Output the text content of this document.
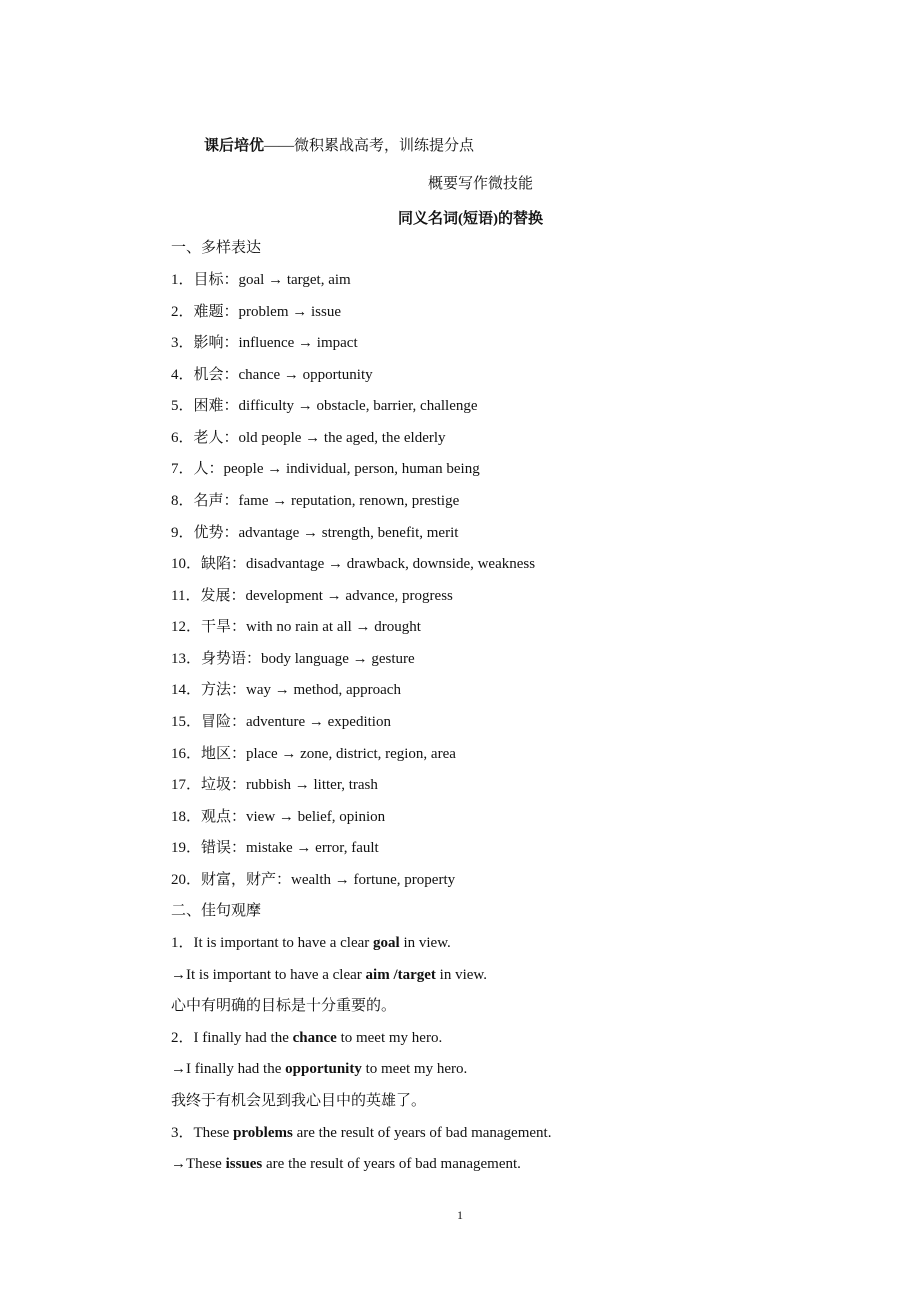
课后培优——微积累战高考，训练提分点
概要写作微技能
同义名词(短语)的替换
一、多样表达
1．目标：goal → target, aim
2．难题：problem → issue
3．影响：influence → impact
4．机会：chance → opportunity
5．困难：difficulty → obstacle, barrier, challenge
6．老人：old people → the aged, the elderly
7．人：people → individual, person, human being
8．名声：fame → reputation, renown, prestige
9．优势：advantage → strength, benefit, merit
10．缺陷：disadvantage → drawback, downside, weakness
11．发展：development → advance, progress
12．干旱：with no rain at all → drought
13．身势语：body language → gesture
14．方法：way → method, approach
15．冒险：adventure → expedition
16．地区：place → zone, district, region, area
17．垃圾：rubbish → litter, trash
18．观点：view → belief, opinion
19．错误：mistake → error, fault
20．财富，财产：wealth → fortune, property
二、佳句观摩
1．It is important to have a clear goal in view.
→It is important to have a clear aim /target in view.
心中有明确的目标是十分重要的。
2．I finally had the chance to meet my hero.
→I finally had the opportunity to meet my hero.
我终于有机会见到我心目中的英雄了。
3．These problems are the result of years of bad management.
→These issues are the result of years of bad management.
1
